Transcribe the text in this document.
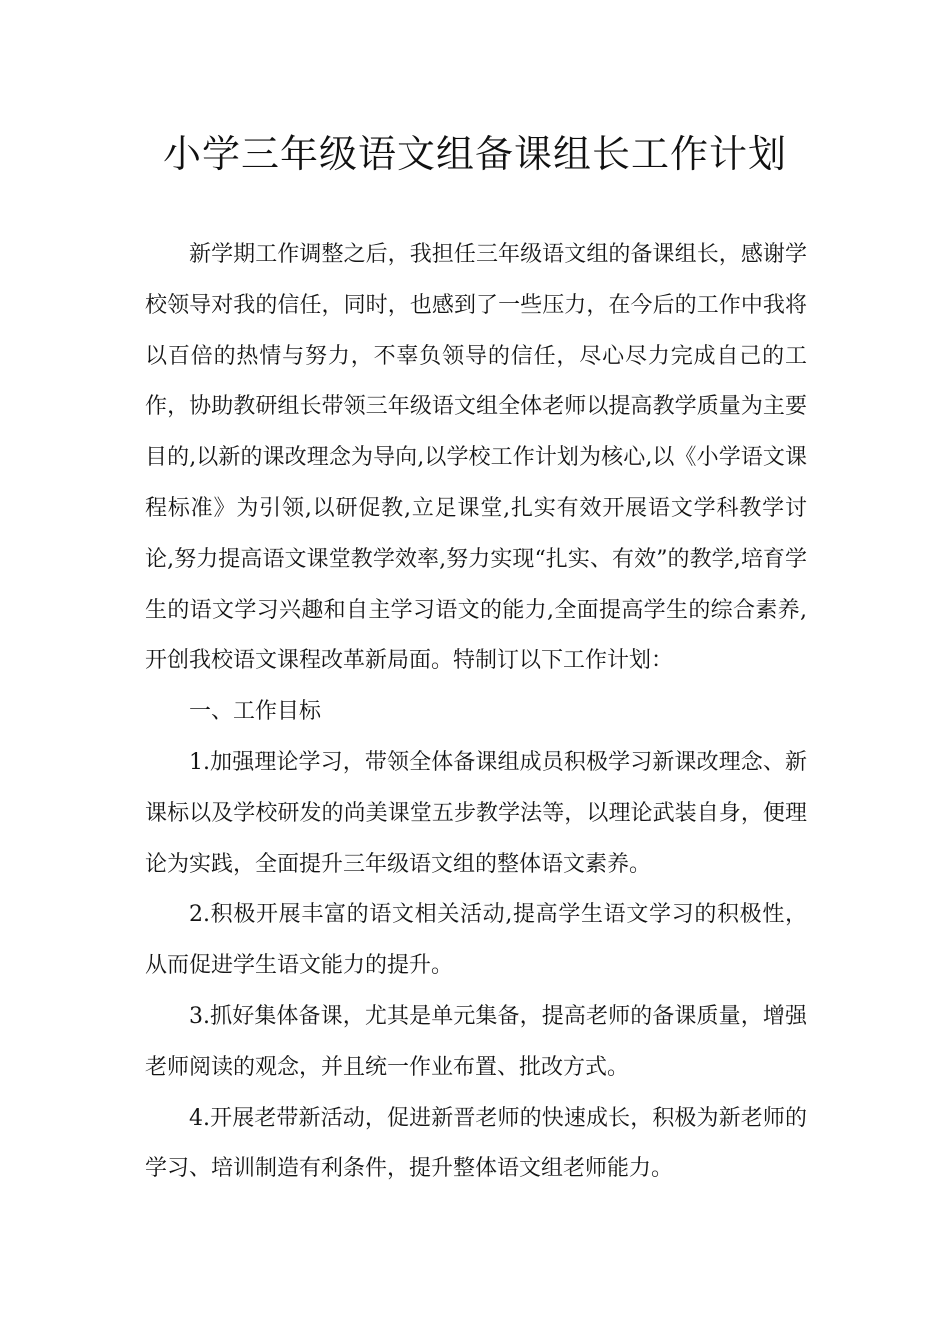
小学三年级语文组备课组长工作计划

新学期工作调整之后，我担任三年级语文组的备课组长，感谢学校领导对我的信任，同时，也感到了一些压力，在今后的工作中我将以百倍的热情与努力，不辜负领导的信任，尽心尽力完成自己的工作，协助教研组长带领三年级语文组全体老师以提高教学质量为主要目的,以新的课改理念为导向,以学校工作计划为核心,以《小学语文课程标准》为引领,以研促教,立足课堂,扎实有效开展语文学科教学讨论,努力提高语文课堂教学效率,努力实现“扎实、有效”的教学,培育学生的语文学习兴趣和自主学习语文的能力,全面提高学生的综合素养,开创我校语文课程改革新局面。特制订以下工作计划：

一、工作目标

1.加强理论学习，带领全体备课组成员积极学习新课改理念、新课标以及学校研发的尚美课堂五步教学法等，以理论武装自身，便理论为实践，全面提升三年级语文组的整体语文素养。

2.积极开展丰富的语文相关活动,提高学生语文学习的积极性，从而促进学生语文能力的提升。

3.抓好集体备课，尤其是单元集备，提高老师的备课质量，增强老师阅读的观念，并且统一作业布置、批改方式。

4.开展老带新活动，促进新晋老师的快速成长，积极为新老师的学习、培训制造有利条件，提升整体语文组老师能力。
